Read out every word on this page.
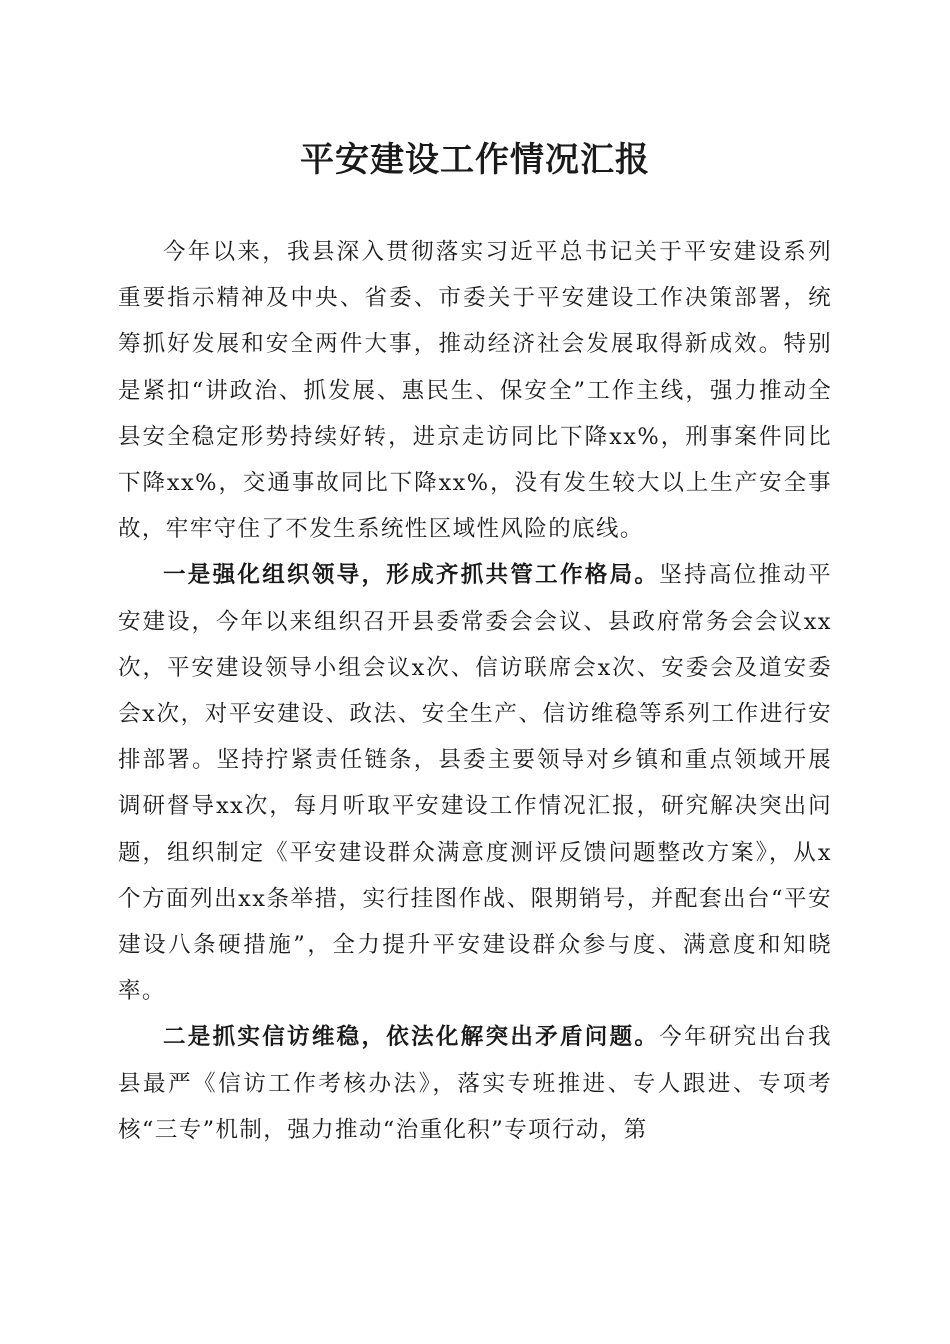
平安建设工作情况汇报

今年以来，我县深入贯彻落实习近平总书记关于平安建设系列重要指示精神及中央、省委、市委关于平安建设工作决策部署，统筹抓好发展和安全两件大事，推动经济社会发展取得新成效。特别是紧扣“讲政治、抓发展、惠民生、保安全”工作主线，强力推动全县安全稳定形势持续好转，进京走访同比下降xx%，刑事案件同比下降xx%，交通事故同比下降xx%，没有发生较大以上生产安全事故，牢牢守住了不发生系统性区域性风险的底线。

一是强化组织领导，形成齐抓共管工作格局。坚持高位推动平安建设，今年以来组织召开县委常委会会议、县政府常务会会议xx次，平安建设领导小组会议x次、信访联席会x次、安委会及道安委会x次，对平安建设、政法、安全生产、信访维稳等系列工作进行安排部署。坚持拧紧责任链条，县委主要领导对乡镇和重点领域开展调研督导xx次，每月听取平安建设工作情况汇报，研究解决突出问题，组织制定《平安建设群众满意度测评反馈问题整改方案》，从x个方面列出xx条举措，实行挂图作战、限期销号，并配套出台“平安建设八条硬措施”，全力提升平安建设群众参与度、满意度和知晓率。

二是抓实信访维稳，依法化解突出矛盾问题。今年研究出台我县最严《信访工作考核办法》，落实专班推进、专人跟进、专项考核“三专”机制，强力推动“治重化积”专项行动，第
